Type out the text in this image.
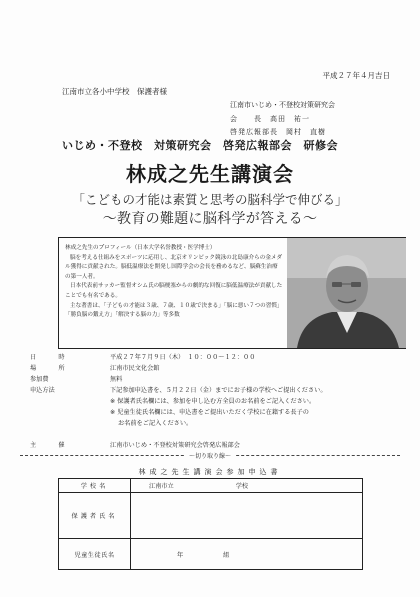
平成２７年４月吉日
江南市立各小中学校　保護者様
江南市いじめ・不登校対策研究会
会　　長　高田　祐一
啓発広報部長　岡村　直樹
いじめ・不登校　対策研究会　啓発広報部会　研修会
林成之先生講演会
「こどもの才能は素質と思考の脳科学で伸びる」
〜教育の難題に脳科学が答える〜
林成之先生のプロフィール（日本大学名誉教授・医学博士）
脳を考える仕組みをスポーツに応用し、北京オリンピック競泳の北島康介らの金メダル獲得に貢献された。脳低温療法を開発し国際学会の会長を務めるなど、脳蘇生治療の第一人者。
日本代表前サッカー監督オシム氏の脳梗塞からの劇的な回復に脳低温療法が貢献したことでも有名である。
主な著書は、「子どもの才能は３歳、７歳、１０歳で決まる」「脳に悪い７つの習慣」「勝負脳の鍛え方」「解決する脳の力」等多数
日　時	平成２７年７月９日（木）　１０：００〜１２：００
場　所	江南市民文化会館
参加費	無料
申込方法	下記参加申込書を、５月２２日（金）までにお子様の学校へご提出ください。
※ 保護者氏名欄には、参加を申し込む方全員のお名前をご記入ください。
※ 児童生徒氏名欄には、申込書をご提出いただく学校に在籍する長子の
お名前をご記入ください。
主　催	江南市いじめ・不登校対策研究会啓発広報部会
〜切り取り線〜
林成之先生講演会参加申込書
学校名	江南市立 学校
保護者氏名	
児童生徒氏名	年 組
